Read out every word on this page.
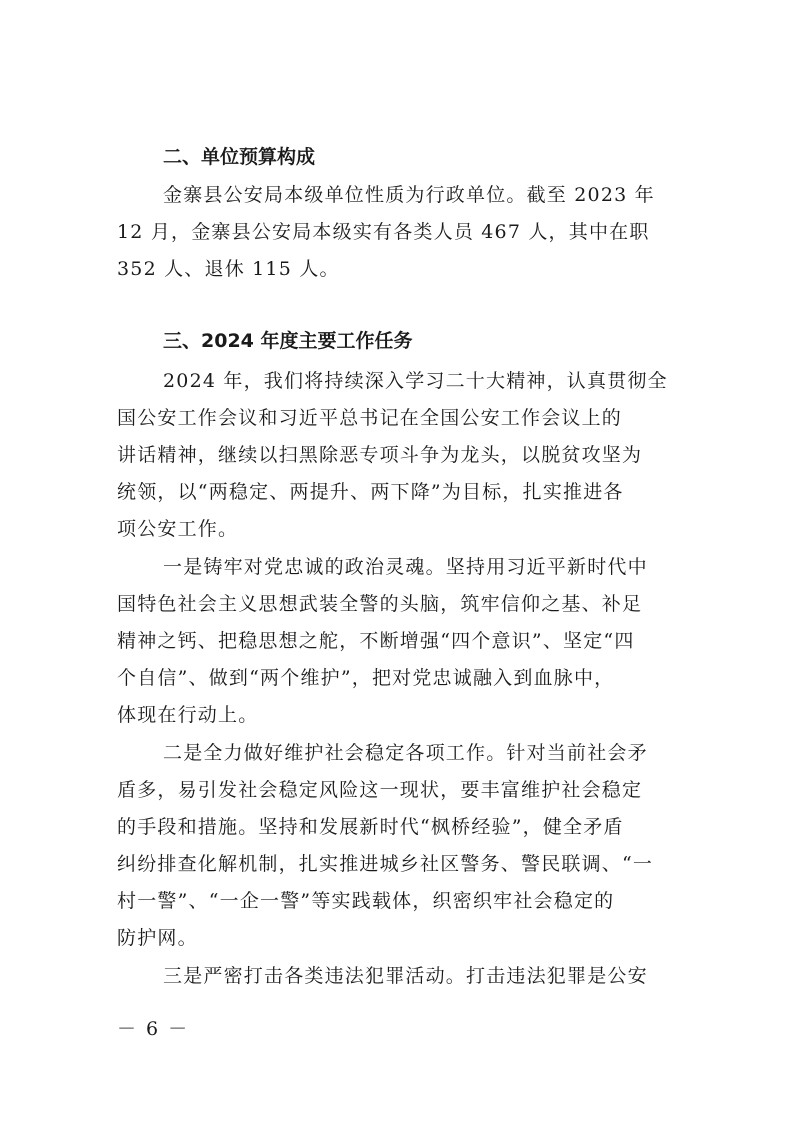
二、单位预算构成
金寨县公安局本级单位性质为行政单位。截至 2023 年
12 月，金寨县公安局本级实有各类人员 467 人，其中在职
352 人、退休 115 人。
三、2024 年度主要工作任务
2024 年，我们将持续深入学习二十大精神，认真贯彻全
国公安工作会议和习近平总书记在全国公安工作会议上的
讲话精神，继续以扫黑除恶专项斗争为龙头，以脱贫攻坚为
统领，以“两稳定、两提升、两下降”为目标，扎实推进各
项公安工作。
一是铸牢对党忠诚的政治灵魂。坚持用习近平新时代中
国特色社会主义思想武装全警的头脑，筑牢信仰之基、补足
精神之钙、把稳思想之舵，不断增强“四个意识”、坚定“四
个自信”、做到“两个维护”，把对党忠诚融入到血脉中，
体现在行动上。
二是全力做好维护社会稳定各项工作。针对当前社会矛
盾多，易引发社会稳定风险这一现状，要丰富维护社会稳定
的手段和措施。坚持和发展新时代“枫桥经验”，健全矛盾
纠纷排查化解机制，扎实推进城乡社区警务、警民联调、“一
村一警”、“一企一警”等实践载体，织密织牢社会稳定的
防护网。
三是严密打击各类违法犯罪活动。打击违法犯罪是公安
－ 6 －
